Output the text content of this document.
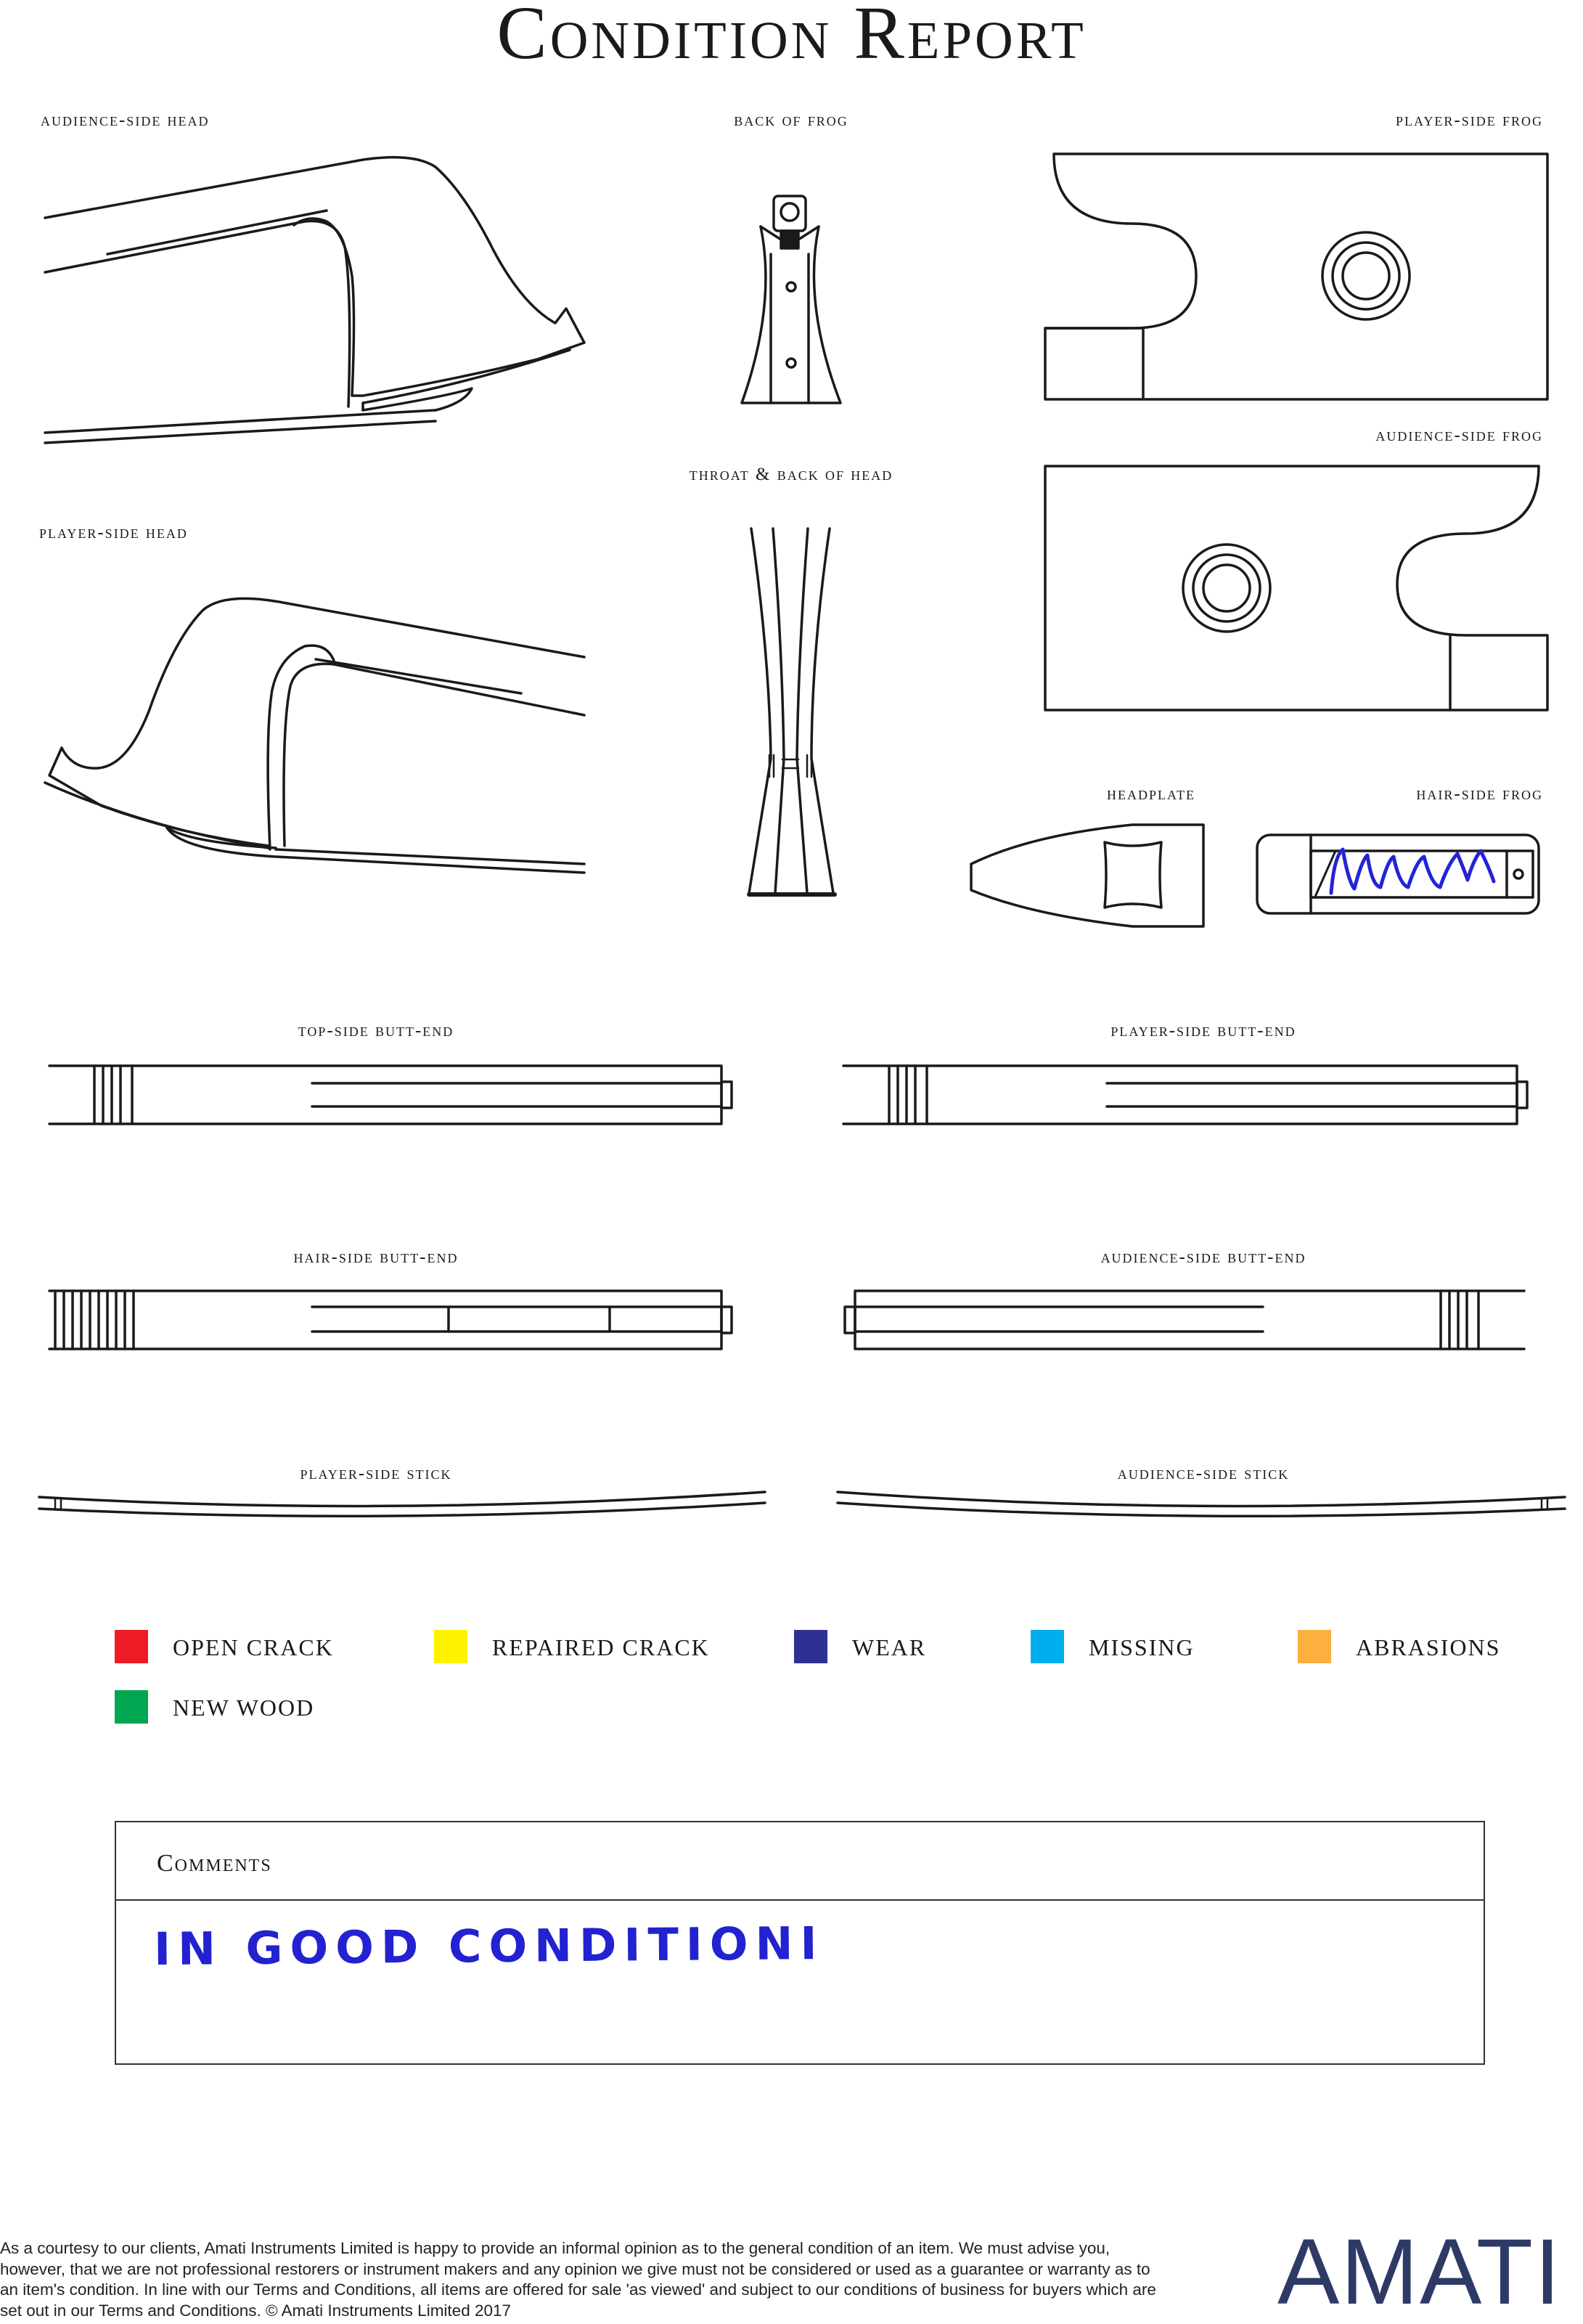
Condition Report
audience-side head	back of frog	player-side frog
audience-side frog
throat & back of head
player-side head
headplate	hair-side frog
top-side butt-end	player-side butt-end
hair-side butt-end	audience-side butt-end
player-side stick	audience-side stick
OPEN CRACK	REPAIRED CRACK	WEAR	MISSING	ABRASIONS
NEW WOOD
Comments
IN GOOD CONDITIONI
As a courtesy to our clients, Amati Instruments Limited is happy to provide an informal opinion as to the general condition of an item. We must advise you, however, that we are not professional restorers or instrument makers and any opinion we give must not be considered or used as a guarantee or warranty as to an item's condition. In line with our Terms and Conditions, all items are offered for sale 'as viewed' and subject to our conditions of business for buyers which are set out in our Terms and Conditions. © Amati Instruments Limited 2017	AMATI
